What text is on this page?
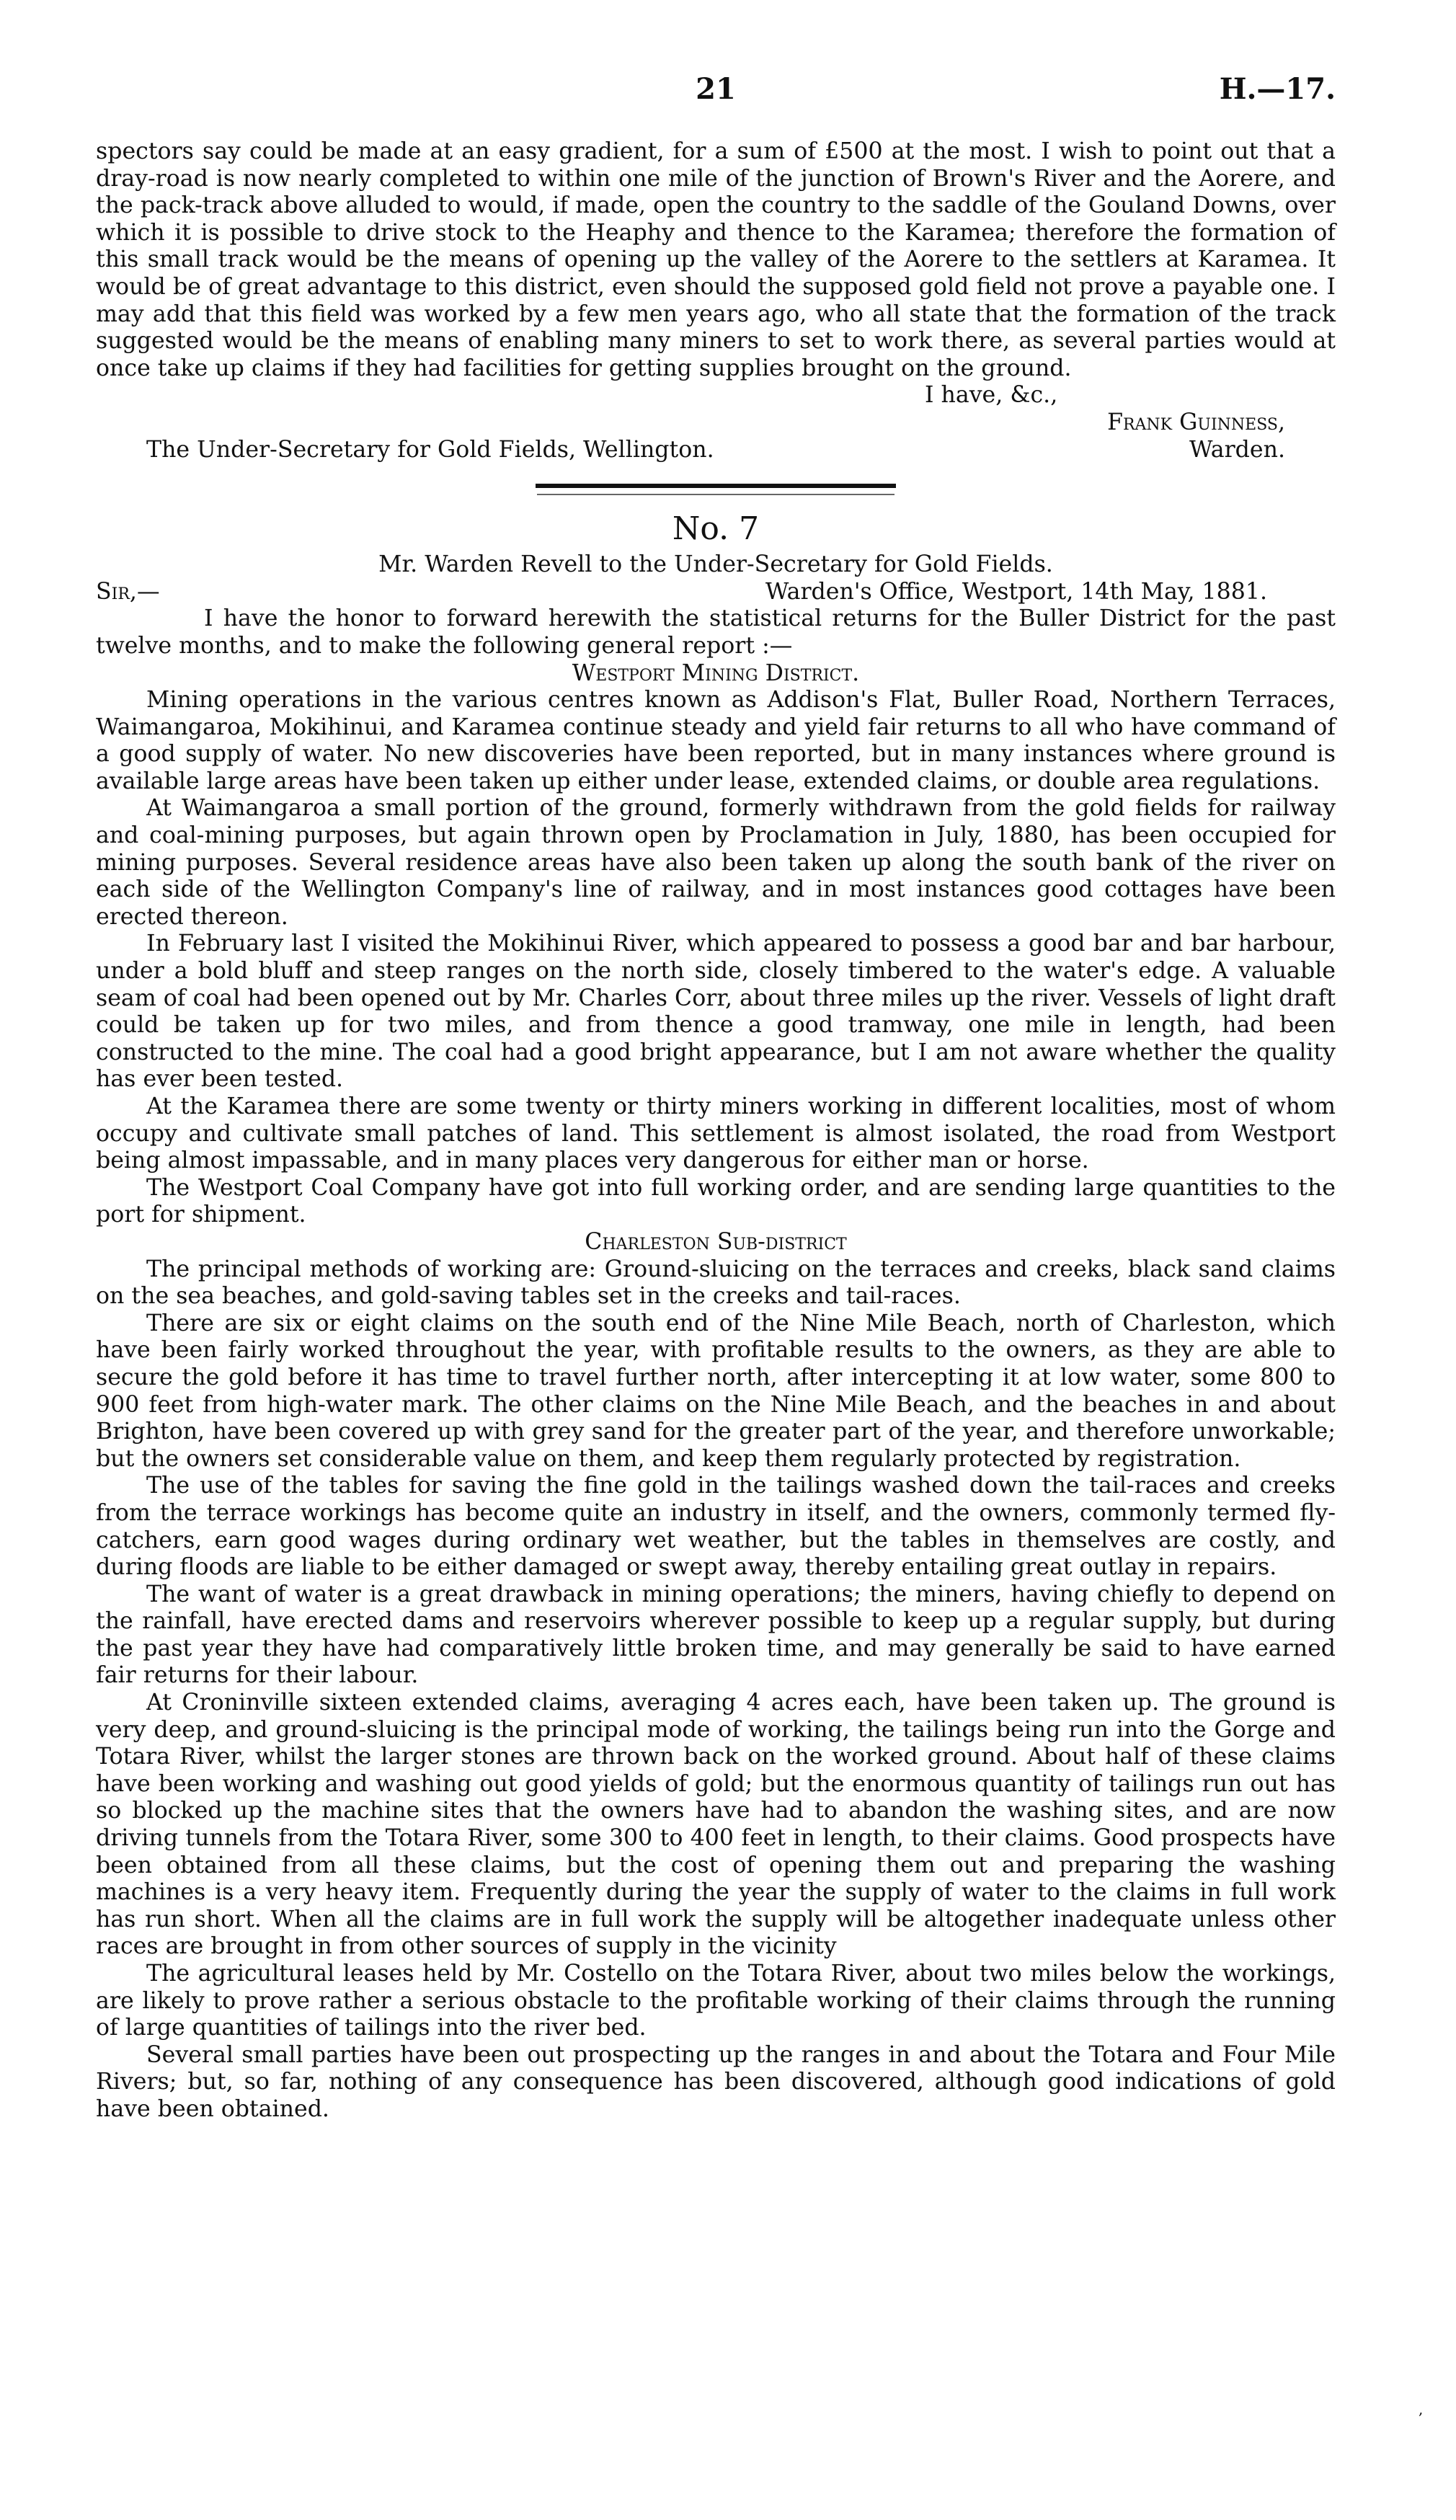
21	H.—17.

spectors say could be made at an easy gradient, for a sum of £500 at the most. I wish to point out that a dray-road is now nearly completed to within one mile of the junction of Brown's River and the Aorere, and the pack-track above alluded to would, if made, open the country to the saddle of the Gouland Downs, over which it is possible to drive stock to the Heaphy and thence to the Karamea; therefore the formation of this small track would be the means of opening up the valley of the Aorere to the settlers at Karamea. It would be of great advantage to this district, even should the supposed gold field not prove a payable one. I may add that this field was worked by a few men years ago, who all state that the formation of the track suggested would be the means of enabling many miners to set to work there, as several parties would at once take up claims if they had facilities for getting supplies brought on the ground.

I have, &c.,

Frank Guinness,

The Under-Secretary for Gold Fields, Wellington.	Warden.
No. 7

Mr. Warden Revell to the Under-Secretary for Gold Fields.

Sir,—	Warden's Office, Westport, 14th May, 1881.

I have the honor to forward herewith the statistical returns for the Buller District for the past twelve months, and to make the following general report :—

Westport Mining District.

Mining operations in the various centres known as Addison's Flat, Buller Road, Northern Terraces, Waimangaroa, Mokihinui, and Karamea continue steady and yield fair returns to all who have command of a good supply of water. No new discoveries have been reported, but in many instances where ground is available large areas have been taken up either under lease, extended claims, or double area regulations.

At Waimangaroa a small portion of the ground, formerly withdrawn from the gold fields for railway and coal-mining purposes, but again thrown open by Proclamation in July, 1880, has been occupied for mining purposes. Several residence areas have also been taken up along the south bank of the river on each side of the Wellington Company's line of railway, and in most instances good cottages have been erected thereon.

In February last I visited the Mokihinui River, which appeared to possess a good bar and bar harbour, under a bold bluff and steep ranges on the north side, closely timbered to the water's edge. A valuable seam of coal had been opened out by Mr. Charles Corr, about three miles up the river. Vessels of light draft could be taken up for two miles, and from thence a good tramway, one mile in length, had been constructed to the mine. The coal had a good bright appearance, but I am not aware whether the quality has ever been tested.

At the Karamea there are some twenty or thirty miners working in different localities, most of whom occupy and cultivate small patches of land. This settlement is almost isolated, the road from Westport being almost impassable, and in many places very dangerous for either man or horse.

The Westport Coal Company have got into full working order, and are sending large quantities to the port for shipment.

Charleston Sub-district

The principal methods of working are: Ground-sluicing on the terraces and creeks, black sand claims on the sea beaches, and gold-saving tables set in the creeks and tail-races.

There are six or eight claims on the south end of the Nine Mile Beach, north of Charleston, which have been fairly worked throughout the year, with profitable results to the owners, as they are able to secure the gold before it has time to travel further north, after intercepting it at low water, some 800 to 900 feet from high-water mark. The other claims on the Nine Mile Beach, and the beaches in and about Brighton, have been covered up with grey sand for the greater part of the year, and therefore unworkable; but the owners set considerable value on them, and keep them regularly protected by registration.

The use of the tables for saving the fine gold in the tailings washed down the tail-races and creeks from the terrace workings has become quite an industry in itself, and the owners, commonly termed fly-catchers, earn good wages during ordinary wet weather, but the tables in themselves are costly, and during floods are liable to be either damaged or swept away, thereby entailing great outlay in repairs.

The want of water is a great drawback in mining operations; the miners, having chiefly to depend on the rainfall, have erected dams and reservoirs wherever possible to keep up a regular supply, but during the past year they have had comparatively little broken time, and may generally be said to have earned fair returns for their labour.

At Croninville sixteen extended claims, averaging 4 acres each, have been taken up. The ground is very deep, and ground-sluicing is the principal mode of working, the tailings being run into the Gorge and Totara River, whilst the larger stones are thrown back on the worked ground. About half of these claims have been working and washing out good yields of gold; but the enormous quantity of tailings run out has so blocked up the machine sites that the owners have had to abandon the washing sites, and are now driving tunnels from the Totara River, some 300 to 400 feet in length, to their claims. Good prospects have been obtained from all these claims, but the cost of opening them out and preparing the washing machines is a very heavy item. Frequently during the year the supply of water to the claims in full work has run short. When all the claims are in full work the supply will be altogether inadequate unless other races are brought in from other sources of supply in the vicinity

The agricultural leases held by Mr. Costello on the Totara River, about two miles below the workings, are likely to prove rather a serious obstacle to the profitable working of their claims through the running of large quantities of tailings into the river bed.

Several small parties have been out prospecting up the ranges in and about the Totara and Four Mile Rivers; but, so far, nothing of any consequence has been discovered, although good indications of gold have been obtained.

,
